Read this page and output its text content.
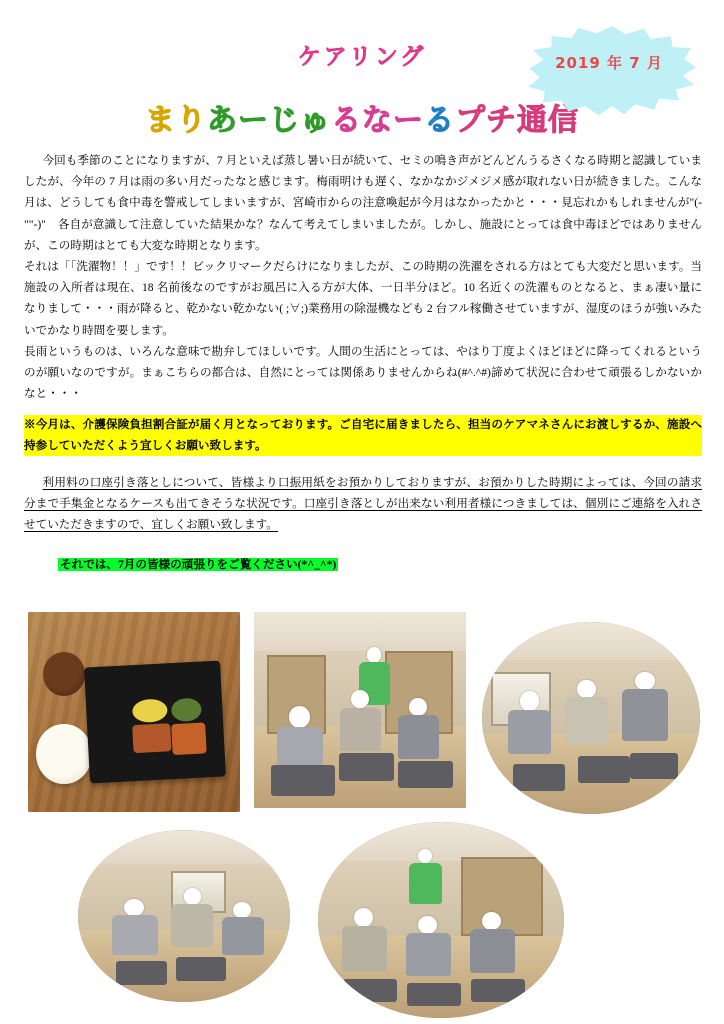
ケアリング
まりあーじゅるなーるプチ通信
2019 年 7 月

今回も季節のことになりますが、7 月といえば蒸し暑い日が続いて、セミの鳴き声がどんどんうるさくなる時期と認識していましたが、今年の 7 月は雨の多い月だったなと感じます。梅雨明けも遅く、なかなかジメジメ感が取れない日が続きました。こんな月は、どうしても食中毒を警戒してしまいますが、宮崎市からの注意喚起が今月はなかったかと・・・見忘れかもしれませんが"(-""-)"　各自が意識して注意していた結果かな？なんて考えてしまいましたが。しかし、施設にとっては食中毒ほどではありませんが、この時期はとても大変な時期となります。

それは「「洗濯物！！」です！！ビックリマークだらけになりましたが、この時期の洗濯をされる方はとても大変だと思います。当施設の入所者は現在、18 名前後なのですがお風呂に入る方が大体、一日半分ほど。10 名近くの洗濯ものとなると、まぁ凄い量になりまして・・・雨が降ると、乾かない乾かない( ;∀;)業務用の除湿機なども 2 台フル稼働させていますが、湿度のほうが強いみたいでかなり時間を要します。

長雨というものは、いろんな意味で勘弁してほしいです。人間の生活にとっては、やはり丁度よくほどほどに降ってくれるというのが願いなのですが。まぁこちらの都合は、自然にとっては関係ありませんからね(#^.^#)諦めて状況に合わせて頑張るしかないかなと・・・

※今月は、介護保険負担割合証が届く月となっております。ご自宅に届きましたら、担当のケアマネさんにお渡しするか、施設へ持参していただくよう宜しくお願い致します。

利用料の口座引き落としについて、皆様より口振用紙をお預かりしておりますが、お預かりした時期によっては、今回の請求分まで手集金となるケースも出てきそうな状況です。口座引き落としが出来ない利用者様につきましては、個別にご連絡を入れさせていただきますので、宜しくお願い致します。

それでは、7月の皆様の頑張りをご覧ください(*^_^*)
